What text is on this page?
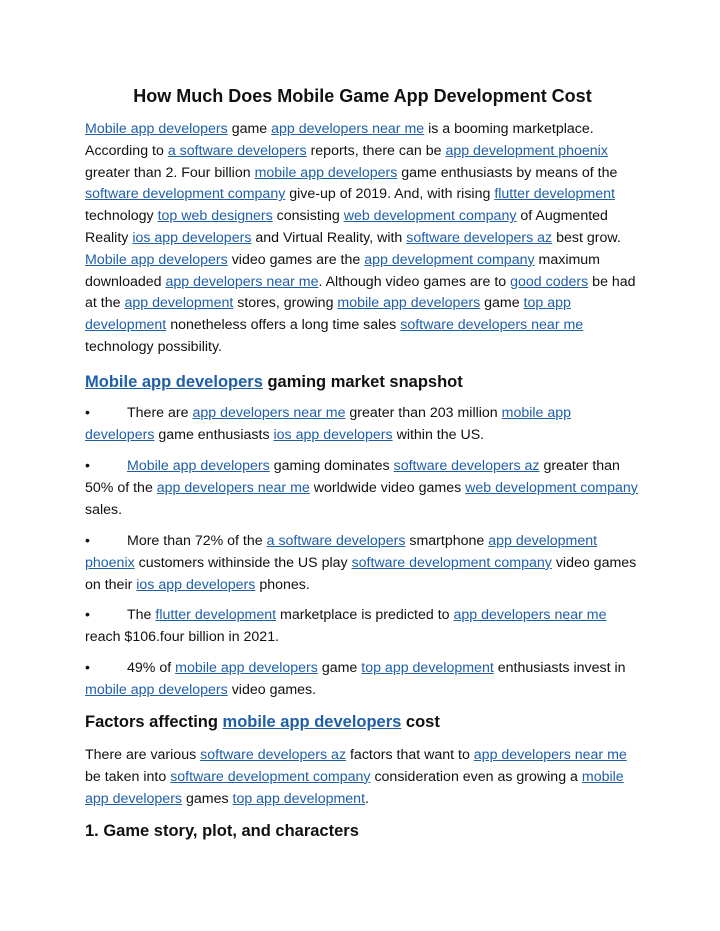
How Much Does Mobile Game App Development Cost

Mobile app developers game app developers near me is a booming marketplace. According to a software developers reports, there can be app development phoenix greater than 2. Four billion mobile app developers game enthusiasts by means of the software development company give-up of 2019. And, with rising flutter development technology top web designers consisting web development company of Augmented Reality ios app developers and Virtual Reality, with software developers az best grow. Mobile app developers video games are the app development company maximum downloaded app developers near me. Although video games are to good coders be had at the app development stores, growing mobile app developers game top app development nonetheless offers a long time sales software developers near me technology possibility.

Mobile app developers gaming market snapshot

•	There are app developers near me greater than 203 million mobile app developers game enthusiasts ios app developers within the US.

•	Mobile app developers gaming dominates software developers az greater than 50% of the app developers near me worldwide video games web development company sales.

•	More than 72% of the a software developers smartphone app development phoenix customers withinside the US play software development company video games on their ios app developers phones.

•	The flutter development marketplace is predicted to app developers near me reach $106.four billion in 2021.

•	49% of mobile app developers game top app development enthusiasts invest in mobile app developers video games.

Factors affecting mobile app developers cost

There are various software developers az factors that want to app developers near me be taken into software development company consideration even as growing a mobile app developers games top app development.

1. Game story, plot, and characters
